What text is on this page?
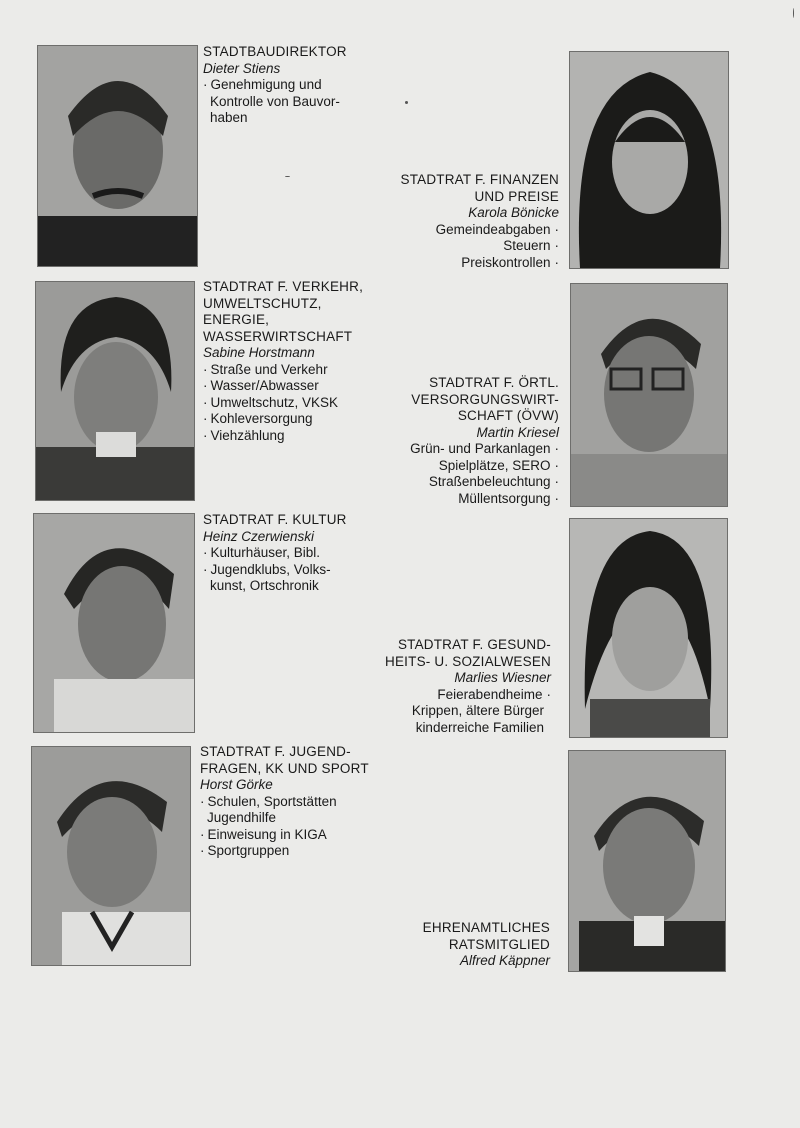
STADTBAUDIREKTOR
Dieter Stiens
· Genehmigung und
Kontrolle von Bauvor-
haben
STADTRAT F. FINANZEN
UND PREISE
Karola Bönicke
Gemeindeabgaben ·
Steuern ·
Preiskontrollen ·
STADTRAT F. VERKEHR,
UMWELTSCHUTZ,
ENERGIE,
WASSERWIRTSCHAFT
Sabine Horstmann
· Straße und Verkehr
· Wasser/Abwasser
· Umweltschutz, VKSK
· Kohleversorgung
· Viehzählung
STADTRAT F. ÖRTL.
VERSORGUNGSWIRT-
SCHAFT (ÖVW)
Martin Kriesel
Grün- und Parkanlagen ·
Spielplätze, SERO ·
Straßenbeleuchtung ·
Müllentsorgung ·
STADTRAT F. KULTUR
Heinz Czerwienski
· Kulturhäuser, Bibl.
· Jugendklubs, Volks-
kunst, Ortschronik
STADTRAT F. GESUND-
HEITS- U. SOZIALWESEN
Marlies Wiesner
Feierabendheime ·
Krippen, ältere Bürger
kinderreiche Familien
STADTRAT F. JUGEND-
FRAGEN, KK UND SPORT
Horst Görke
· Schulen, Sportstätten
Jugendhilfe
· Einweisung in KIGA
· Sportgruppen
EHRENAMTLICHES
RATSMITGLIED
Alfred Käppner
